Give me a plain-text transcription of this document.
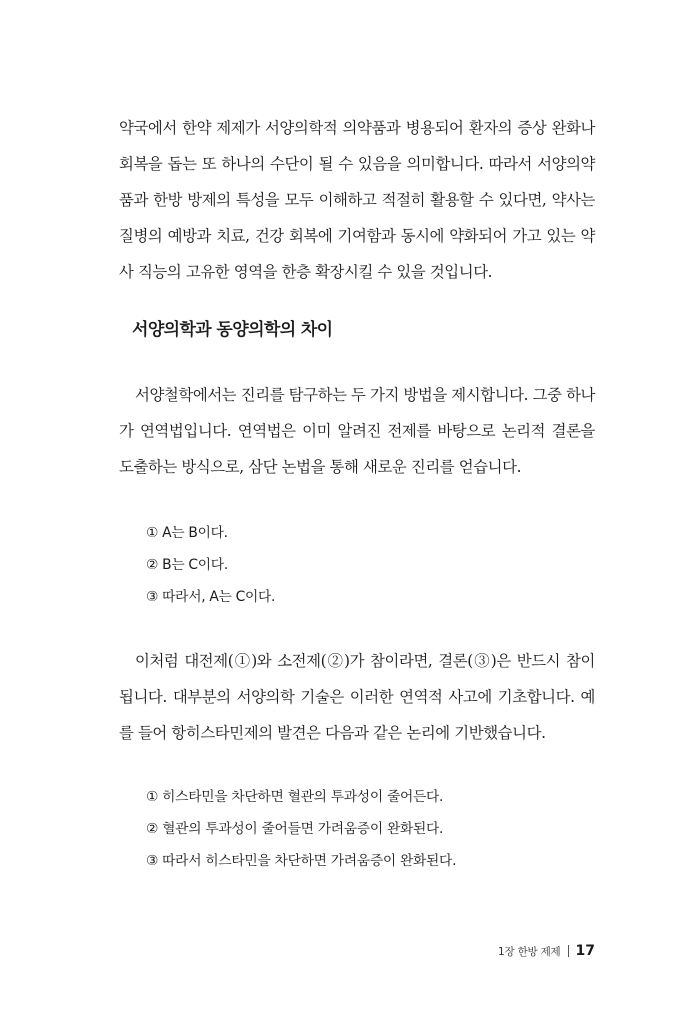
약국에서 한약 제제가 서양의학적 의약품과 병용되어 환자의 증상 완화나 회복을 돕는 또 하나의 수단이 될 수 있음을 의미합니다. 따라서 서양의약품과 한방 방제의 특성을 모두 이해하고 적절히 활용할 수 있다면, 약사는 질병의 예방과 치료, 건강 회복에 기여함과 동시에 약화되어 가고 있는 약사 직능의 고유한 영역을 한층 확장시킬 수 있을 것입니다.

서양의학과 동양의학의 차이

서양철학에서는 진리를 탐구하는 두 가지 방법을 제시합니다. 그중 하나가 연역법입니다. 연역법은 이미 알려진 전제를 바탕으로 논리적 결론을 도출하는 방식으로, 삼단 논법을 통해 새로운 진리를 얻습니다.

① A는 B이다.
② B는 C이다.
③ 따라서, A는 C이다.

이처럼 대전제(①)와 소전제(②)가 참이라면, 결론(③)은 반드시 참이 됩니다. 대부분의 서양의학 기술은 이러한 연역적 사고에 기초합니다. 예를 들어 항히스타민제의 발견은 다음과 같은 논리에 기반했습니다.

① 히스타민을 차단하면 혈관의 투과성이 줄어든다.
② 혈관의 투과성이 줄어들면 가려움증이 완화된다.
③ 따라서 히스타민을 차단하면 가려움증이 완화된다.
1장 한방 제제 17
